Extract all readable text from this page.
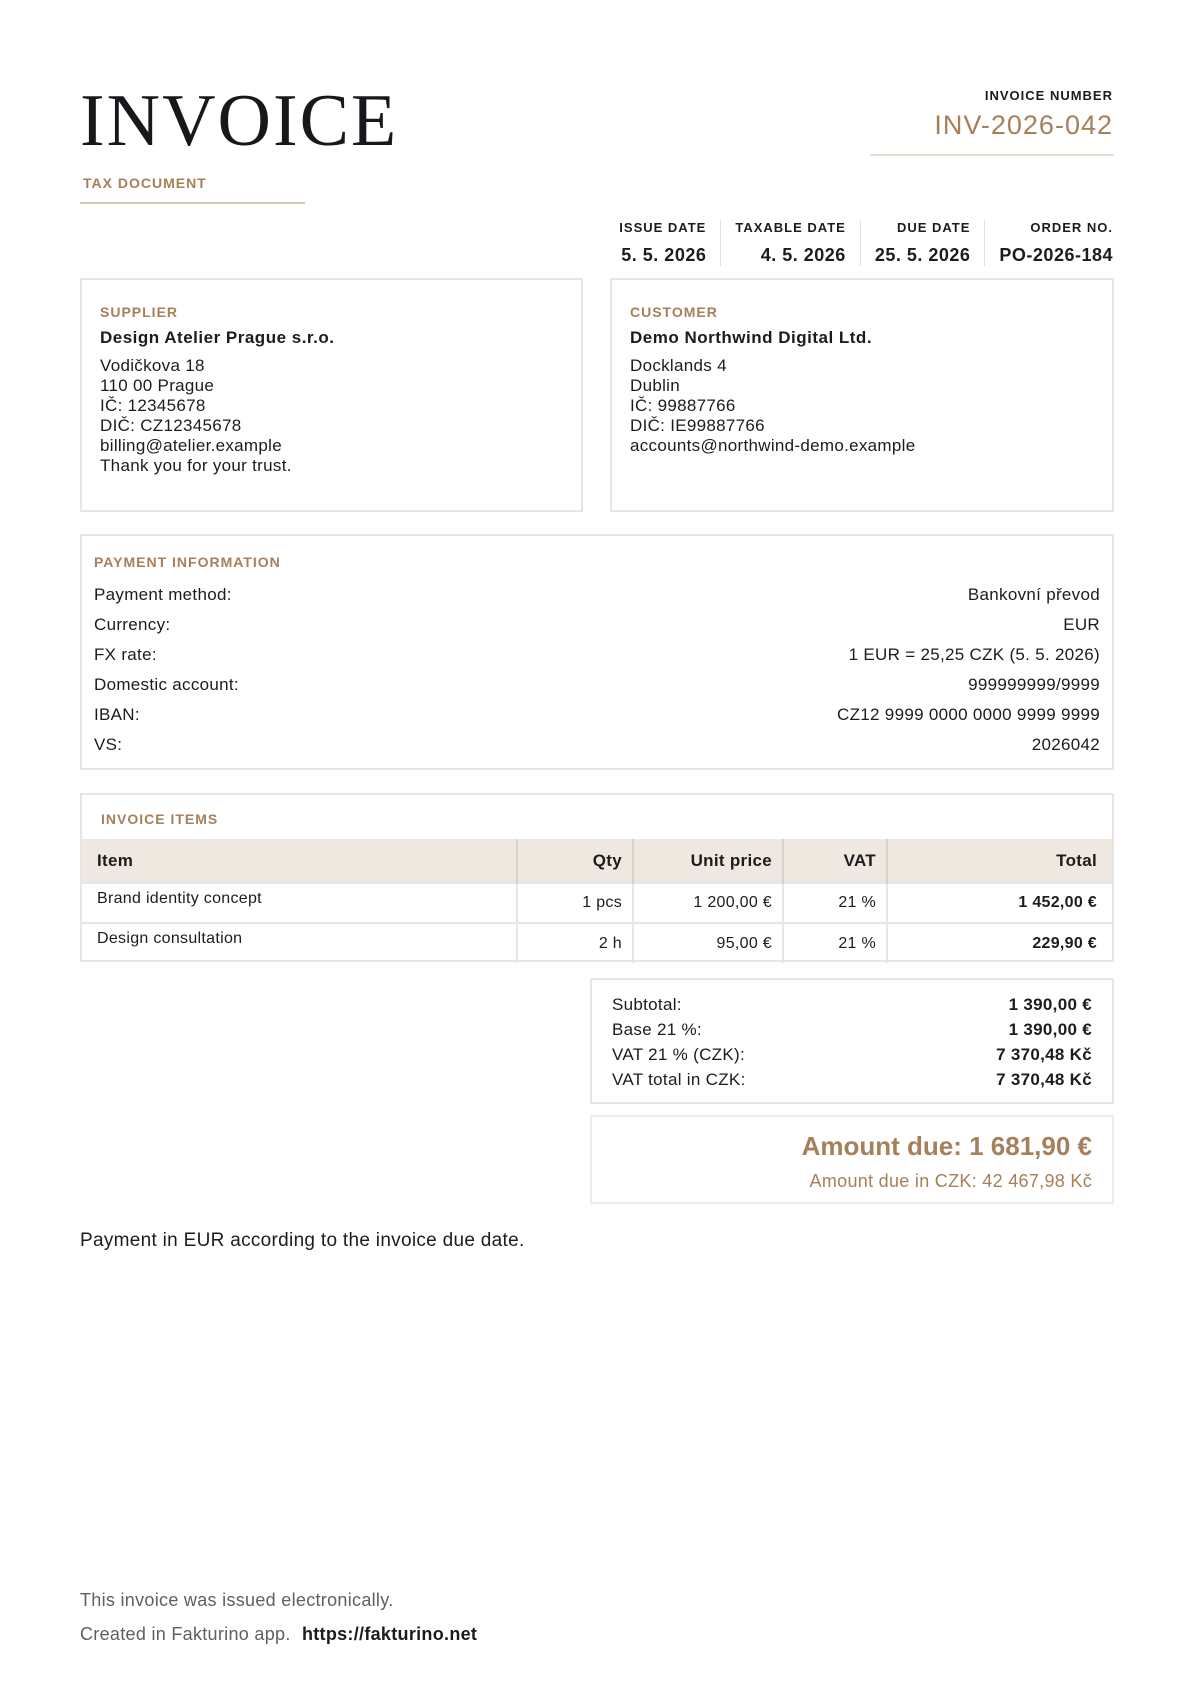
INVOICE
TAX DOCUMENT
INVOICE NUMBER
INV-2026-042
ISSUE DATE
5. 5. 2026
TAXABLE DATE
4. 5. 2026
DUE DATE
25. 5. 2026
ORDER NO.
PO-2026-184
SUPPLIER
Design Atelier Prague s.r.o.
Vodičkova 18
110 00 Prague
IČ: 12345678
DIČ: CZ12345678
billing@atelier.example
Thank you for your trust.
CUSTOMER
Demo Northwind Digital Ltd.
Docklands 4
Dublin
IČ: 99887766
DIČ: IE99887766
accounts@northwind-demo.example
PAYMENT INFORMATION
Payment method:	Bankovní převod
Currency:	EUR
FX rate:	1 EUR = 25,25 CZK (5. 5. 2026)
Domestic account:	999999999/9999
IBAN:	CZ12 9999 0000 0000 9999 9999
VS:	2026042
INVOICE ITEMS
Item	Qty	Unit price	VAT	Total
Brand identity concept	1 pcs	1 200,00 €	21 %	1 452,00 €
Design consultation	2 h	95,00 €	21 %	229,90 €
Subtotal:	1 390,00 €
Base 21 %:	1 390,00 €
VAT 21 % (CZK):	7 370,48 Kč
VAT total in CZK:	7 370,48 Kč
Amount due: 1 681,90 €
Amount due in CZK: 42 467,98 Kč
Payment in EUR according to the invoice due date.
This invoice was issued electronically.
Created in Fakturino app. https://fakturino.net
